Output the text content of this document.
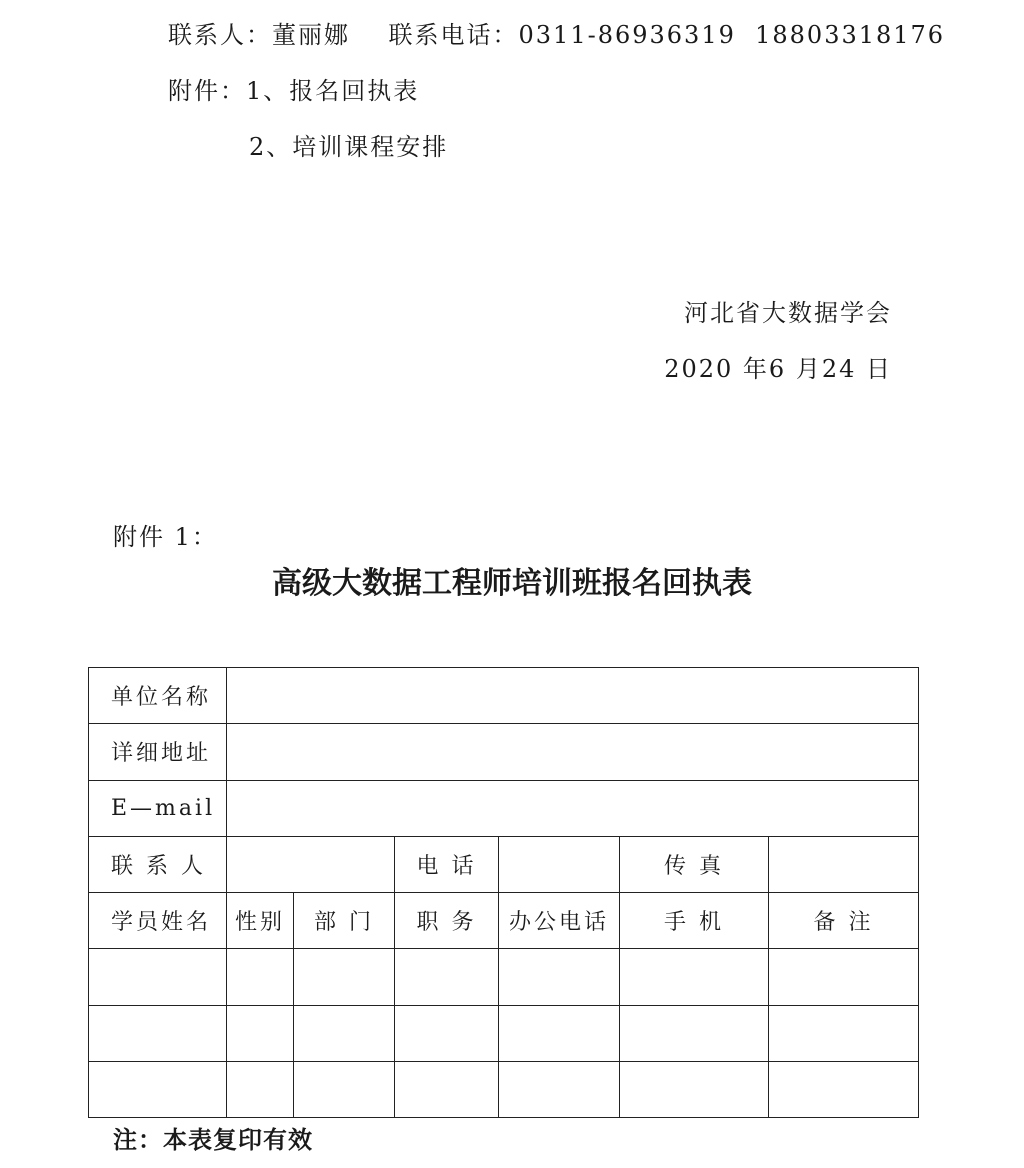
联系人：董丽娜    联系电话：0311-86936319  18803318176
附件：1、报名回执表
2、培训课程安排
河北省大数据学会
2020 年6 月24 日
附件 1：
高级大数据工程师培训班报名回执表
单位名称						
详细地址						
E—mail						
联 系 人			电 话		传 真	
学员姓名	性别	部 门	职 务	办公电话	手 机	备 注

注：本表复印有效
